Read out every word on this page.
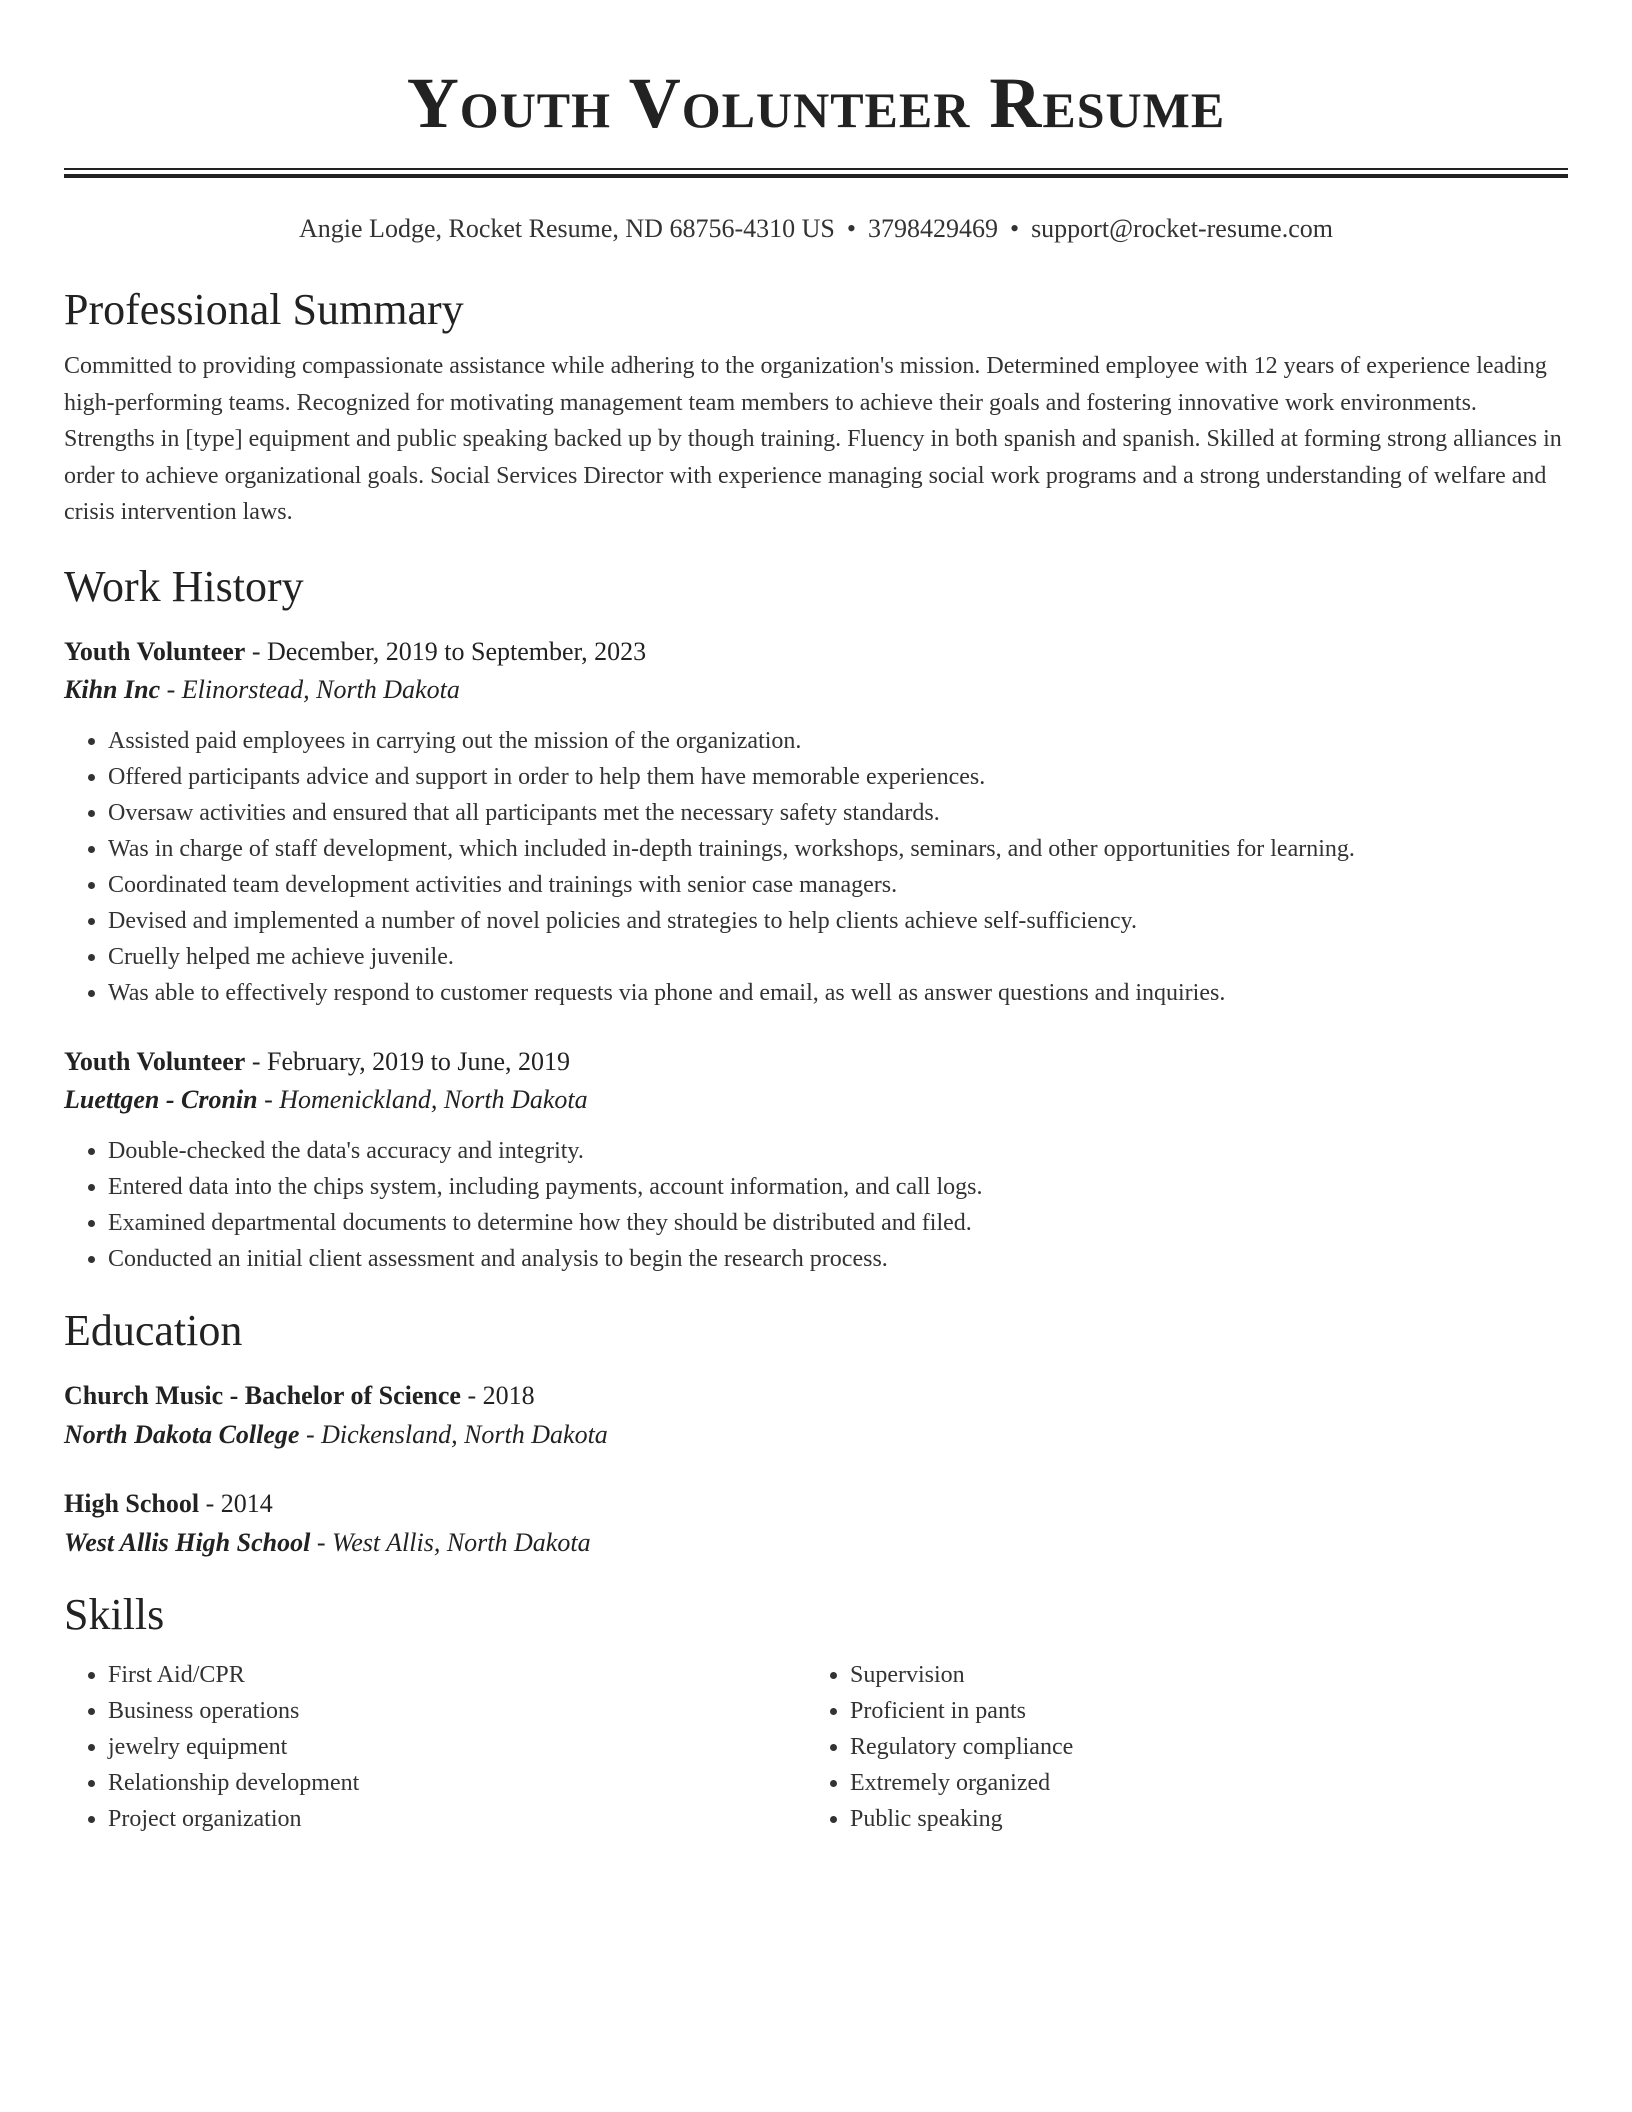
Youth Volunteer Resume
Angie Lodge, Rocket Resume, ND 68756-4310 US • 3798429469 • support@rocket-resume.com
Professional Summary
Committed to providing compassionate assistance while adhering to the organization's mission. Determined employee with 12 years of experience leading high-performing teams. Recognized for motivating management team members to achieve their goals and fostering innovative work environments. Strengths in [type] equipment and public speaking backed up by though training. Fluency in both spanish and spanish. Skilled at forming strong alliances in order to achieve organizational goals. Social Services Director with experience managing social work programs and a strong understanding of welfare and crisis intervention laws.
Work History
Youth Volunteer - December, 2019 to September, 2023
Kihn Inc - Elinorstead, North Dakota
• Assisted paid employees in carrying out the mission of the organization.
• Offered participants advice and support in order to help them have memorable experiences.
• Oversaw activities and ensured that all participants met the necessary safety standards.
• Was in charge of staff development, which included in-depth trainings, workshops, seminars, and other opportunities for learning.
• Coordinated team development activities and trainings with senior case managers.
• Devised and implemented a number of novel policies and strategies to help clients achieve self-sufficiency.
• Cruelly helped me achieve juvenile.
• Was able to effectively respond to customer requests via phone and email, as well as answer questions and inquiries.
Youth Volunteer - February, 2019 to June, 2019
Luettgen - Cronin - Homenickland, North Dakota
• Double-checked the data's accuracy and integrity.
• Entered data into the chips system, including payments, account information, and call logs.
• Examined departmental documents to determine how they should be distributed and filed.
• Conducted an initial client assessment and analysis to begin the research process.
Education
Church Music - Bachelor of Science - 2018
North Dakota College - Dickensland, North Dakota
High School - 2014
West Allis High School - West Allis, North Dakota
Skills
• First Aid/CPR
• Business operations
• jewelry equipment
• Relationship development
• Project organization
• Supervision
• Proficient in pants
• Regulatory compliance
• Extremely organized
• Public speaking
